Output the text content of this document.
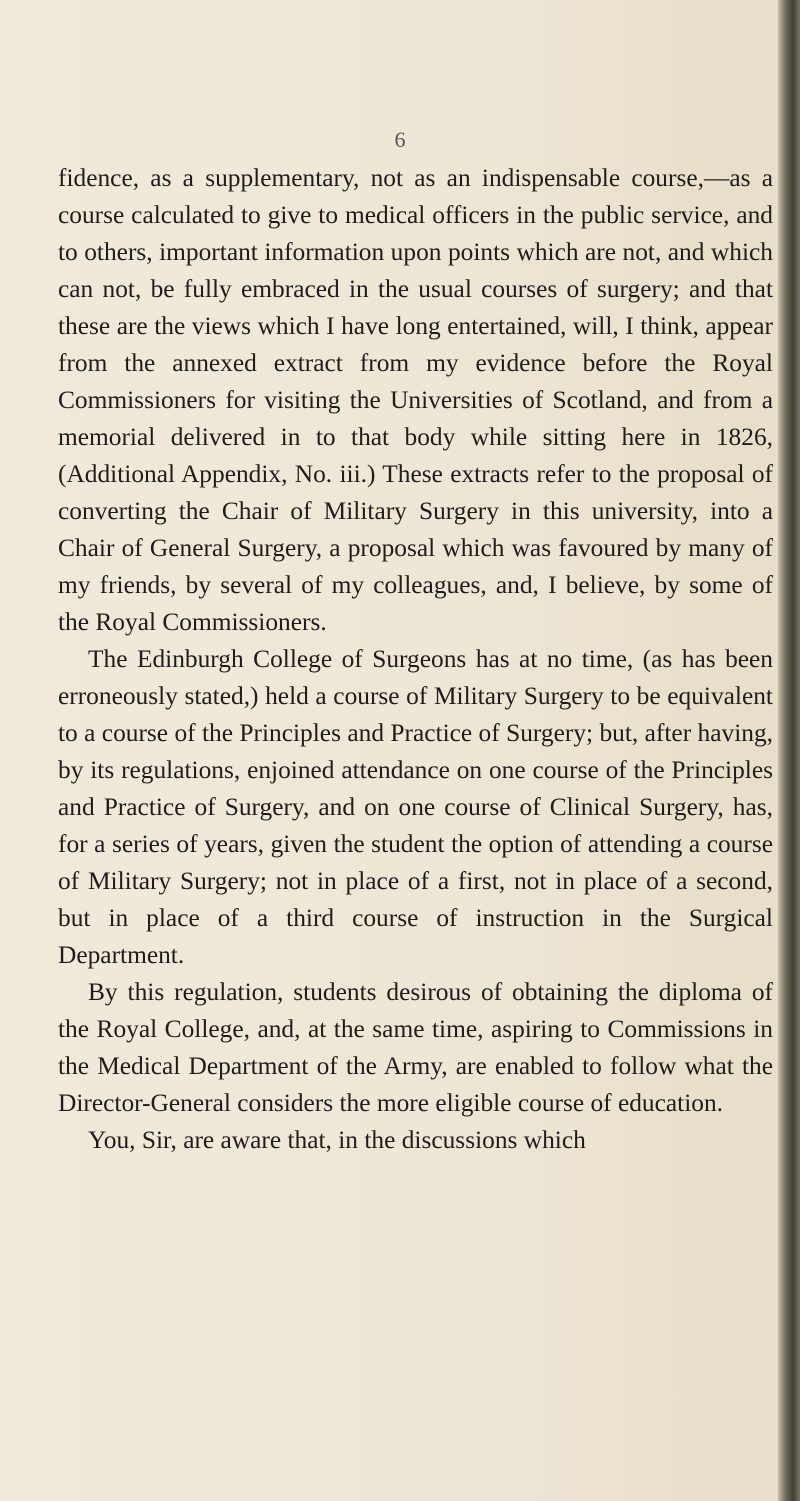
6

fidence, as a supplementary, not as an indispensable course,—as a course calculated to give to medical officers in the public service, and to others, important information upon points which are not, and which can not, be fully embraced in the usual courses of surgery; and that these are the views which I have long entertained, will, I think, appear from the annexed extract from my evidence before the Royal Commissioners for visiting the Universities of Scotland, and from a memorial delivered in to that body while sitting here in 1826, (Additional Appendix, No. iii.) These extracts refer to the proposal of converting the Chair of Military Surgery in this university, into a Chair of General Surgery, a proposal which was favoured by many of my friends, by several of my colleagues, and, I believe, by some of the Royal Commissioners.

The Edinburgh College of Surgeons has at no time, (as has been erroneously stated,) held a course of Military Surgery to be equivalent to a course of the Principles and Practice of Surgery; but, after having, by its regulations, enjoined attendance on one course of the Principles and Practice of Surgery, and on one course of Clinical Surgery, has, for a series of years, given the student the option of attending a course of Military Surgery; not in place of a first, not in place of a second, but in place of a third course of instruction in the Surgical Department.

By this regulation, students desirous of obtaining the diploma of the Royal College, and, at the same time, aspiring to Commissions in the Medical Department of the Army, are enabled to follow what the Director-General considers the more eligible course of education.

You, Sir, are aware that, in the discussions which
